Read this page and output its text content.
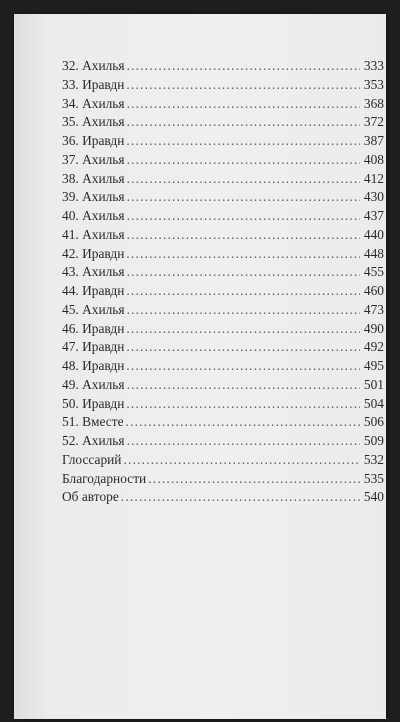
32. Ахилья .....	333
33. Иравдн .....	353
34. Ахилья .....	368
35. Ахилья .....	372
36. Иравдн .....	387
37. Ахилья .....	408
38. Ахилья .....	412
39. Ахилья .....	430
40. Ахилья .....	437
41. Ахилья .....	440
42. Иравдн .....	448
43. Ахилья .....	455
44. Иравдн .....	460
45. Ахилья .....	473
46. Иравдн .....	490
47. Иравдн .....	492
48. Иравдн .....	495
49. Ахилья .....	501
50. Иравдн .....	504
51. Вместе .....	506
52. Ахилья .....	509
Глоссарий .....	532
Благодарности .....	535
Об авторе .....	540
